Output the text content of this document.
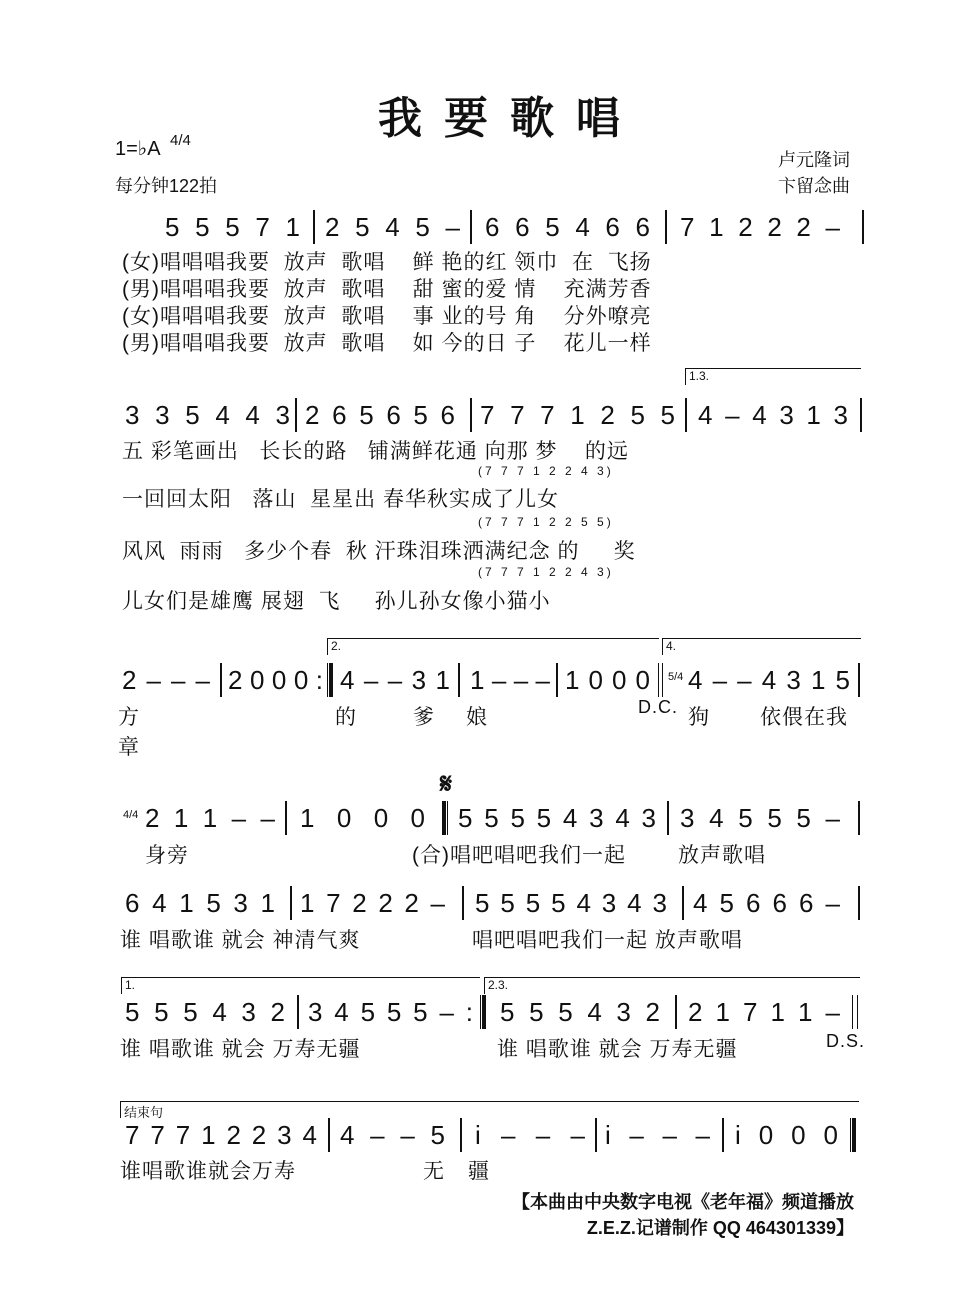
我要歌唱
1=♭A 4/4
每分钟122拍
卢元隆词
卞留念曲
5 5 5 7 1 2 5 4 5 – 6 6 5 4 6 6 7 1 2 2 2 –
(女)唱唱唱我要  放声  歌唱    鲜 艳的红 领巾  在  飞扬
(男)唱唱唱我要  放声  歌唱    甜 蜜的爱 情    充满芳香
(女)唱唱唱我要  放声  歌唱    事 业的号 角    分外嘹亮
(男)唱唱唱我要  放声  歌唱    如 今的日 子    花儿一样
1.3.
3 3 5 4 4 3 2 6 5 6 5 6 7 7 7 1 2 5 5 4 – 4 3 1 3
五 彩笔画出   长长的路   铺满鲜花通 向那 梦    的远
(7 7 7 1 2 2 4 3)
一回回太阳   落山  星星出 春华秋实成了儿女
(7 7 7 1 2 2 5 5)
风风  雨雨   多少个春  秋 汗珠泪珠洒满纪念 的     奖
(7 7 7 1 2 2 4 3)
儿女们是雄鹰 展翅  飞     孙儿孙女像小猫小
2.	4.
2 – – – 2 0 0 0 : 4 – – 3 1 1 – – – 1 0 0 0 5/4 4 – – 4 3 1 5
方	的	爹 娘	D.C. 狗 依偎在我
章
4/4
𝄋
2 1 1 – – 1 0 0 0 5 5 5 5 4 3 4 3 3 4 5 5 5 –
身旁	(合)唱吧唱吧我们一起 放声歌唱
6 4 1 5 3 1 1 7 2 2 2 – 5 5 5 5 4 3 4 3 4 5 6 6 6 –
谁 唱歌谁 就会 神清气爽	唱吧唱吧我们一起 放声歌唱
1.	2.3.
5 5 5 4 3 2 3 4 5 5 5 – : 5 5 5 4 3 2 2 1 7 1 1 –
谁 唱歌谁 就会 万寿无疆	谁 唱歌谁 就会 万寿无疆	D.S.
结束句
7 7 7 1 2 2 3 4 4 – – 5 i – – – i – – – i 0 0 0
谁唱歌谁就会万寿	无 疆
【本曲由中央数字电视《老年福》频道播放
Z.E.Z.记谱制作 QQ 464301339】
